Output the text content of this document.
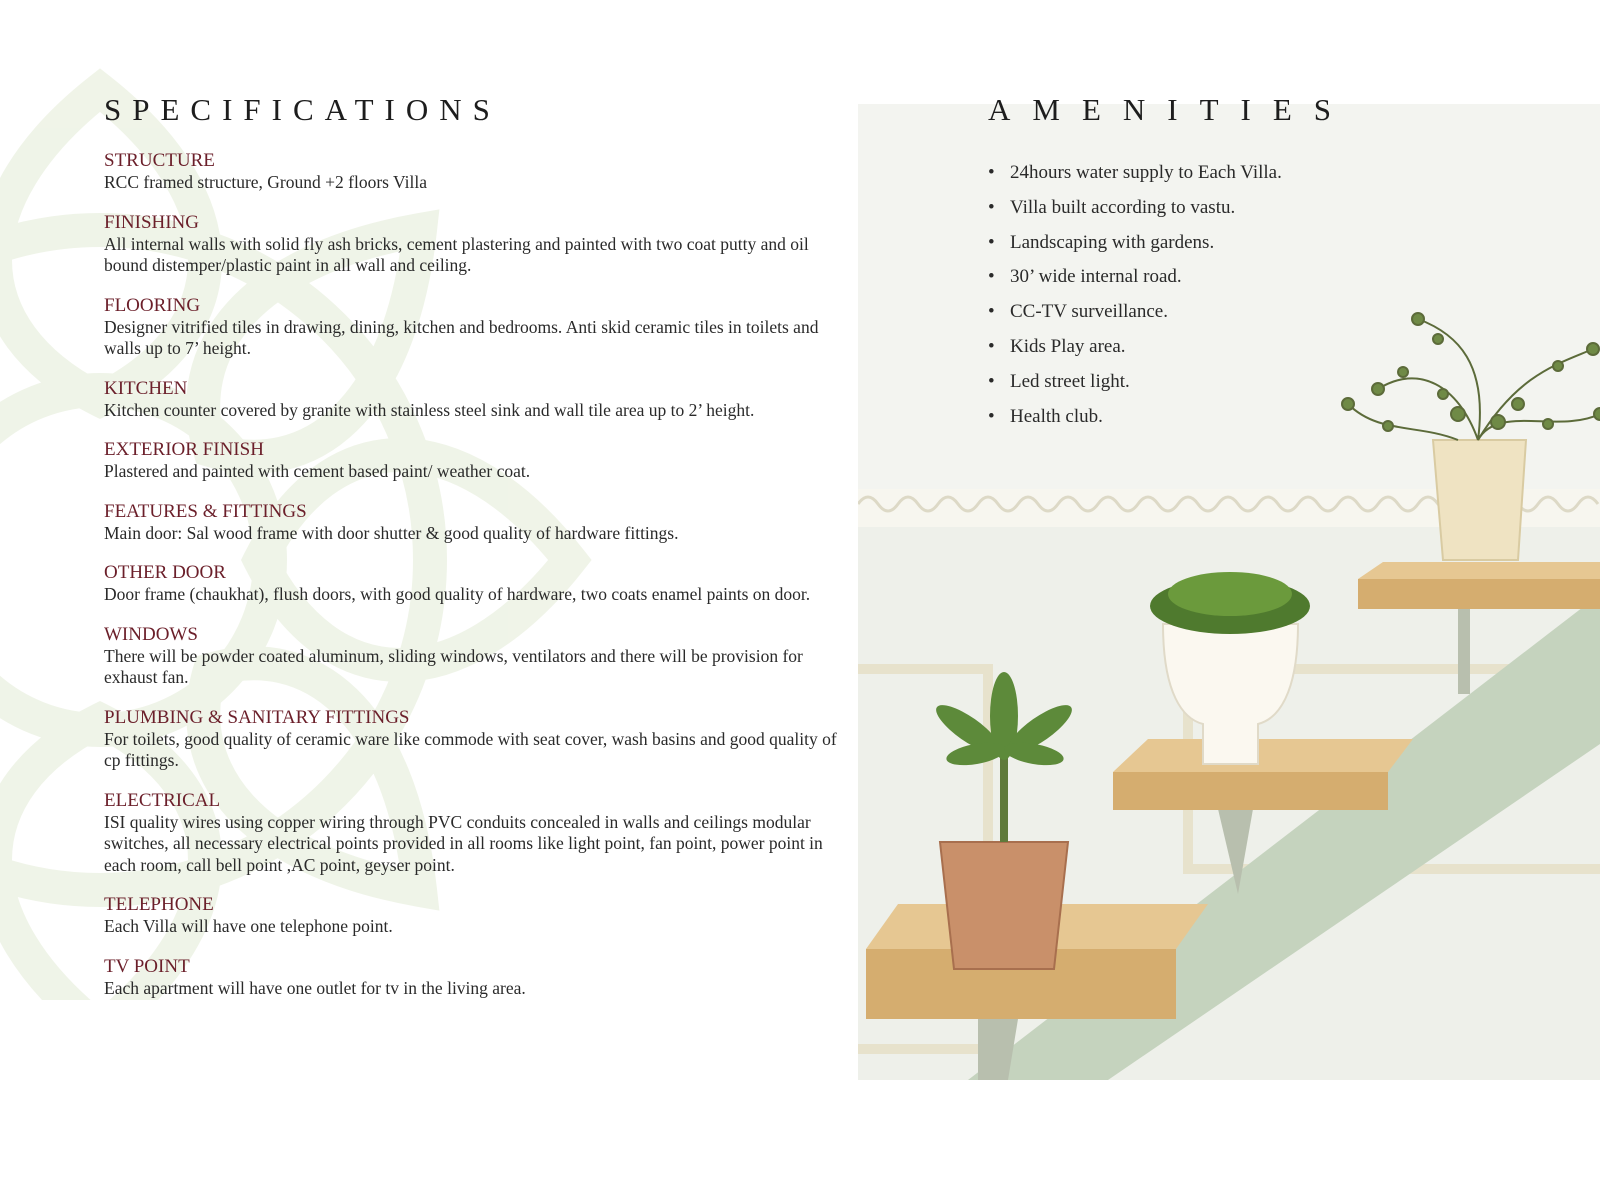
SPECIFICATIONS
STRUCTURE
RCC framed structure, Ground +2 floors Villa
FINISHING
All internal walls with solid fly ash bricks, cement plastering and painted with two coat putty and oil bound distemper/plastic paint in all wall and ceiling.
FLOORING
Designer vitrified tiles in drawing, dining, kitchen and bedrooms. Anti skid ceramic tiles in toilets and walls up to 7’ height.
KITCHEN
Kitchen counter covered by granite with stainless steel sink and wall tile area up to 2’ height.
EXTERIOR FINISH
Plastered and painted with cement based paint/ weather coat.
FEATURES & FITTINGS
Main door: Sal wood frame with door shutter & good quality of hardware fittings.
OTHER DOOR
Door frame (chaukhat), flush doors, with good quality of hardware, two coats enamel paints on door.
WINDOWS
There will be powder coated aluminum, sliding windows, ventilators and there will be provision for exhaust fan.
PLUMBING & SANITARY FITTINGS
For toilets, good quality of ceramic ware like commode with seat cover, wash basins and good quality of cp fittings.
ELECTRICAL
ISI quality wires using copper wiring through PVC conduits concealed in walls and ceilings modular switches, all necessary electrical points provided in all rooms like light point, fan point, power point in each room, call bell point ,AC point, geyser point.
TELEPHONE
Each Villa will have one telephone point.
TV POINT
Each apartment will have one outlet for tv in the living area.
AMENITIES
• 24hours water supply to Each Villa.
• Villa built according to vastu.
• Landscaping with gardens.
• 30’ wide internal road.
• CC-TV surveillance.
• Kids Play area.
• Led street light.
• Health club.
